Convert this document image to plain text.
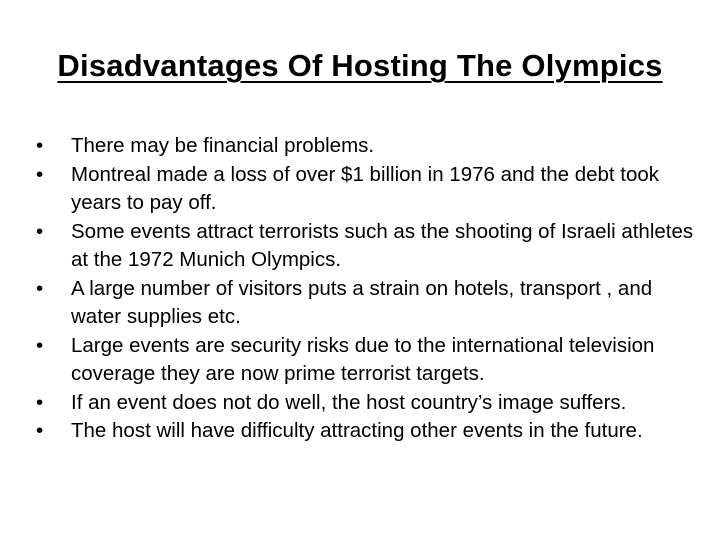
Disadvantages Of Hosting The Olympics
•	There may be financial problems.
•	Montreal made a loss of over $1 billion in 1976 and the debt took years to pay off.
•	Some events attract terrorists such as the shooting of Israeli athletes at the 1972 Munich Olympics.
•	A large number of visitors puts a strain on hotels, transport , and water supplies etc.
•	Large events are security risks due to the international television coverage they are now prime terrorist targets.
•	If an event does not do well, the host country’s image suffers.
•	The host will have difficulty attracting other events in the future.
